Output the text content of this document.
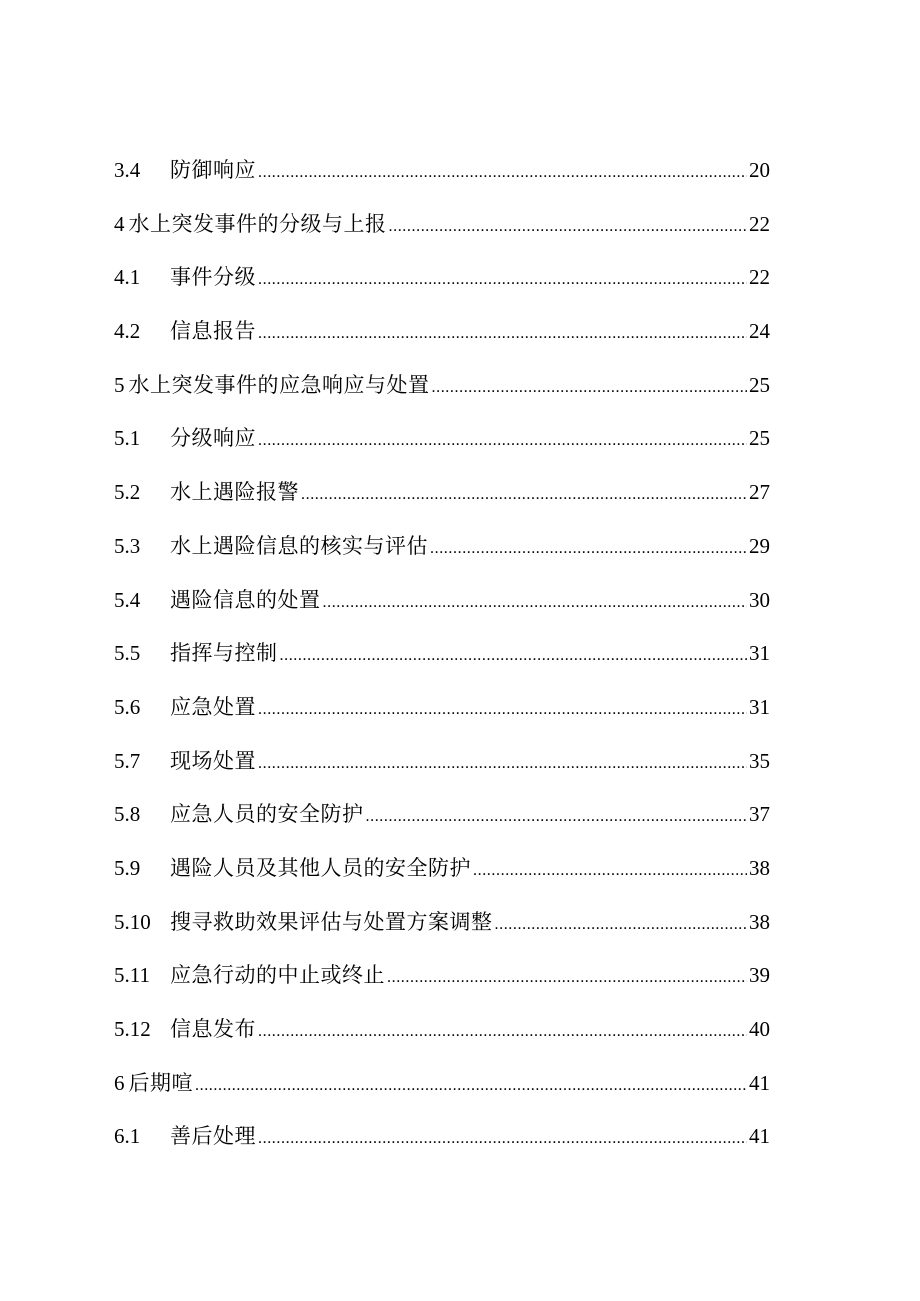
3.4	防御响应 .....	20
4 水上突发事件的分级与上报 .....	22
4.1	事件分级 .....	22
4.2	信息报告 .....	24
5 水上突发事件的应急响应与处置 .....	25
5.1	分级响应 .....	25
5.2	水上遇险报警 .....	27
5.3	水上遇险信息的核实与评估 .....	29
5.4	遇险信息的处置 .....	30
5.5	指挥与控制 .....	31
5.6	应急处置 .....	31
5.7	现场处置 .....	35
5.8	应急人员的安全防护 .....	37
5.9	遇险人员及其他人员的安全防护 .....	38
5.10 搜寻救助效果评估与处置方案调整 .....	38
5.11 应急行动的中止或终止 .....	39
5.12 信息发布 .....	40
6 后期喧 .....	41
6.1	善后处理 .....	41
